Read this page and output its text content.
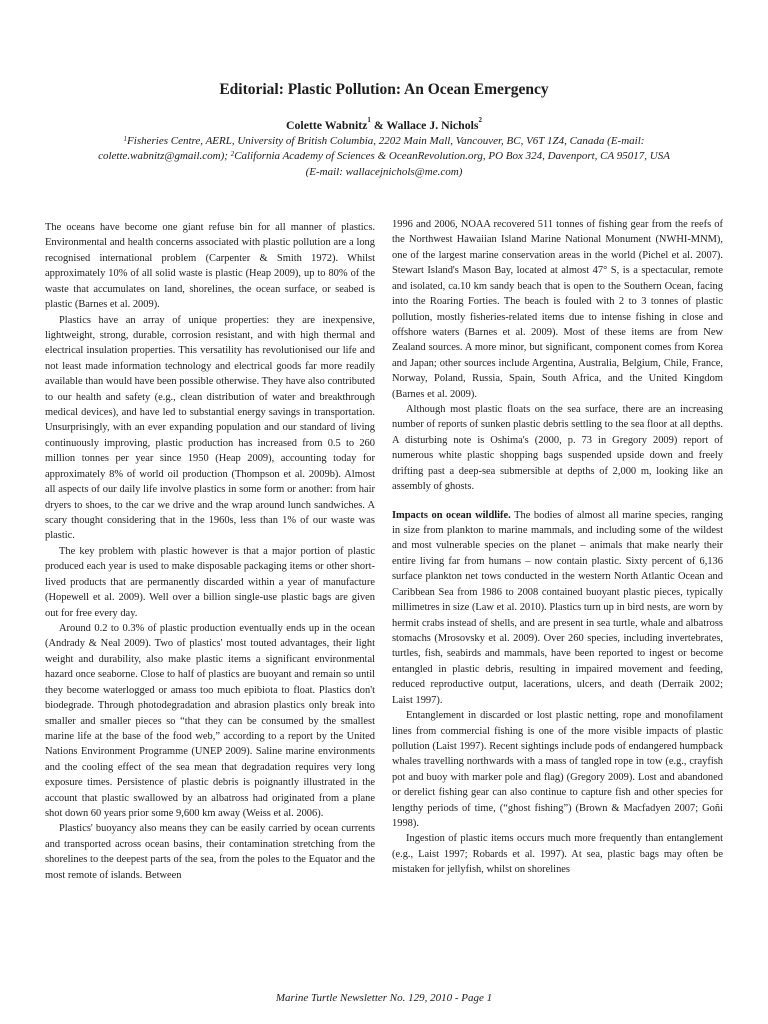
Editorial: Plastic Pollution: An Ocean Emergency
Colette Wabnitz$^1$ & Wallace J. Nichols$^2$
$^1$Fisheries Centre, AERL, University of British Columbia, 2202 Main Mall, Vancouver, BC, V6T 1Z4, Canada (E-mail: colette.wabnitz@gmail.com); $^2$California Academy of Sciences & OceanRevolution.org, PO Box 324, Davenport, CA 95017, USA (E-mail: wallacejnichols@me.com)

The oceans have become one giant refuse bin for all manner of plastics. Environmental and health concerns associated with plastic pollution are a long recognised international problem (Carpenter & Smith 1972). Whilst approximately 10% of all solid waste is plastic (Heap 2009), up to 80% of the waste that accumulates on land, shorelines, the ocean surface, or seabed is plastic (Barnes et al. 2009).

Plastics have an array of unique properties: they are inexpensive, lightweight, strong, durable, corrosion resistant, and with high thermal and electrical insulation properties. This versatility has revolutionised our life and not least made information technology and electrical goods far more readily available than would have been possible otherwise. They have also contributed to our health and safety (e.g., clean distribution of water and breakthrough medical devices), and have led to substantial energy savings in transportation. Unsurprisingly, with an ever expanding population and our standard of living continuously improving, plastic production has increased from 0.5 to 260 million tonnes per year since 1950 (Heap 2009), accounting today for approximately 8% of world oil production (Thompson et al. 2009b). Almost all aspects of our daily life involve plastics in some form or another: from hair dryers to shoes, to the car we drive and the wrap around lunch sandwiches. A scary thought considering that in the 1960s, less than 1% of our waste was plastic.

The key problem with plastic however is that a major portion of plastic produced each year is used to make disposable packaging items or other short-lived products that are permanently discarded within a year of manufacture (Hopewell et al. 2009). Well over a billion single-use plastic bags are given out for free every day.

Around 0.2 to 0.3% of plastic production eventually ends up in the ocean (Andrady & Neal 2009). Two of plastics' most touted advantages, their light weight and durability, also make plastic items a significant environmental hazard once seaborne. Close to half of plastics are buoyant and remain so until they become waterlogged or amass too much epibiota to float. Plastics don't biodegrade. Through photodegradation and abrasion plastics only break into smaller and smaller pieces so “that they can be consumed by the smallest marine life at the base of the food web,” according to a report by the United Nations Environment Programme (UNEP 2009). Saline marine environments and the cooling effect of the sea mean that degradation requires very long exposure times. Persistence of plastic debris is poignantly illustrated in the account that plastic swallowed by an albatross had originated from a plane shot down 60 years prior some 9,600 km away (Weiss et al. 2006).

Plastics' buoyancy also means they can be easily carried by ocean currents and transported across ocean basins, their contamination stretching from the shorelines to the deepest parts of the sea, from the poles to the Equator and the most remote of islands. Between

1996 and 2006, NOAA recovered 511 tonnes of fishing gear from the reefs of the Northwest Hawaiian Island Marine National Monument (NWHI-MNM), one of the largest marine conservation areas in the world (Pichel et al. 2007). Stewart Island's Mason Bay, located at almost 47° S, is a spectacular, remote and isolated, ca.10 km sandy beach that is open to the Southern Ocean, facing into the Roaring Forties. The beach is fouled with 2 to 3 tonnes of plastic pollution, mostly fisheries-related items due to intense fishing in close and offshore waters (Barnes et al. 2009). Most of these items are from New Zealand sources. A more minor, but significant, component comes from Korea and Japan; other sources include Argentina, Australia, Belgium, Chile, France, Norway, Poland, Russia, Spain, South Africa, and the United Kingdom (Barnes et al. 2009).

Although most plastic floats on the sea surface, there are an increasing number of reports of sunken plastic debris settling to the sea floor at all depths. A disturbing note is Oshima's (2000, p. 73 in Gregory 2009) report of numerous white plastic shopping bags suspended upside down and freely drifting past a deep-sea submersible at depths of 2,000 m, looking like an assembly of ghosts.

Impacts on ocean wildlife. The bodies of almost all marine species, ranging in size from plankton to marine mammals, and including some of the wildest and most vulnerable species on the planet – animals that make nearly their entire living far from humans – now contain plastic. Sixty percent of 6,136 surface plankton net tows conducted in the western North Atlantic Ocean and Caribbean Sea from 1986 to 2008 contained buoyant plastic pieces, typically millimetres in size (Law et al. 2010). Plastics turn up in bird nests, are worn by hermit crabs instead of shells, and are present in sea turtle, whale and albatross stomachs (Mrosovsky et al. 2009). Over 260 species, including invertebrates, turtles, fish, seabirds and mammals, have been reported to ingest or become entangled in plastic debris, resulting in impaired movement and feeding, reduced reproductive output, lacerations, ulcers, and death (Derraik 2002; Laist 1997).

Entanglement in discarded or lost plastic netting, rope and monofilament lines from commercial fishing is one of the more visible impacts of plastic pollution (Laist 1997). Recent sightings include pods of endangered humpback whales travelling northwards with a mass of tangled rope in tow (e.g., crayfish pot and buoy with marker pole and flag) (Gregory 2009). Lost and abandoned or derelict fishing gear can also continue to capture fish and other species for lengthy periods of time, (“ghost fishing”) (Brown & Macfadyen 2007; Goñi 1998).

Ingestion of plastic items occurs much more frequently than entanglement (e.g., Laist 1997; Robards et al. 1997). At sea, plastic bags may often be mistaken for jellyfish, whilst on shorelines

Marine Turtle Newsletter No. 129, 2010 - Page 1
